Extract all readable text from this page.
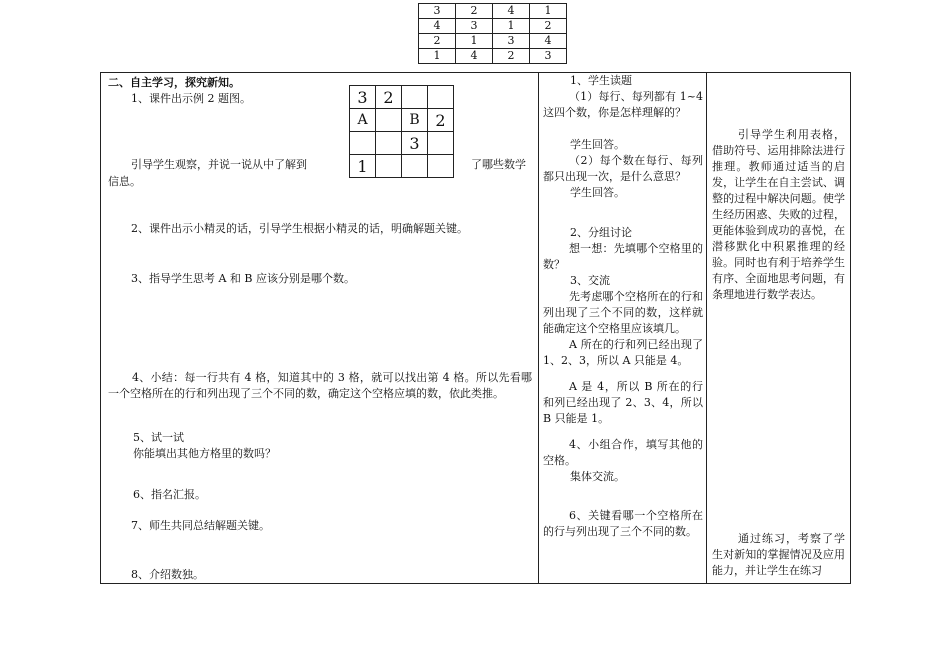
3	2	4	1
4	3	1	2
2	1	3	4
1	4	2	3
二、自主学习，探究新知。
1、课件出示例 2 题图。	3	2		
A		B	2
		3	
1			
引导学生观察，并说一说从中了解到	了哪些数学
信息。
2、课件出示小精灵的话，引导学生根据小精灵的话，明确解题关键。
3、指导学生思考 A 和 B 应该分别是哪个数。
4、小结：每一行共有 4 格，知道其中的 3 格，就可以找出第 4 格。所以先看哪一个空格所在的行和列出现了三个不同的数，确定这个空格应填的数，依此类推。
5、试一试
你能填出其他方格里的数吗？
6、指名汇报。
7、师生共同总结解题关键。
8、介绍数独。
1、学生读题
（1）每行、每列都有 1~4 这四个数，你是怎样理解的？
学生回答。
（2）每个数在每行、每列都只出现一次，是什么意思？
学生回答。
2、分组讨论
想一想：先填哪个空格里的数？
3、交流
先考虑哪个空格所在的行和列出现了三个不同的数，这样就能确定这个空格里应该填几。
A 所在的行和列已经出现了 1、2、3，所以 A 只能是 4。
A 是 4，所以 B 所在的行和列已经出现了 2、3、4，所以 B 只能是 1。
4、小组合作，填写其他的空格。
集体交流。
6、关键看哪一个空格所在的行与列出现了三个不同的数。
引导学生利用表格，借助符号、运用排除法进行推理。教师通过适当的启发，让学生在自主尝试、调整的过程中解决问题。使学生经历困惑、失败的过程，更能体验到成功的喜悦，在潜移默化中积累推理的经验。同时也有利于培养学生有序、全面地思考问题，有条理地进行数学表达。
通过练习，考察了学生对新知的掌握情况及应用能力，并让学生在练习
